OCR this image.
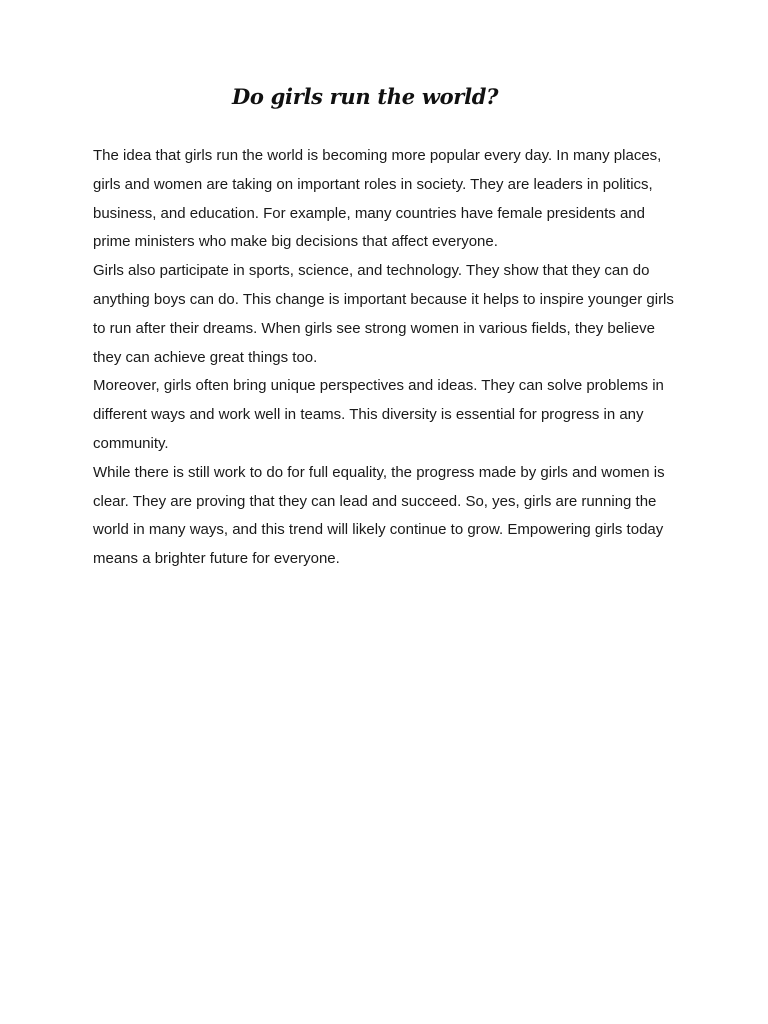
Do girls run the world?

The idea that girls run the world is becoming more popular every day. In many places, girls and women are taking on important roles in society. They are leaders in politics, business, and education. For example, many countries have female presidents and prime ministers who make big decisions that affect everyone.

Girls also participate in sports, science, and technology. They show that they can do anything boys can do. This change is important because it helps to inspire younger girls to run after their dreams. When girls see strong women in various fields, they believe they can achieve great things too.

Moreover, girls often bring unique perspectives and ideas. They can solve problems in different ways and work well in teams. This diversity is essential for progress in any community.

While there is still work to do for full equality, the progress made by girls and women is clear. They are proving that they can lead and succeed. So, yes, girls are running the world in many ways, and this trend will likely continue to grow. Empowering girls today means a brighter future for everyone.
